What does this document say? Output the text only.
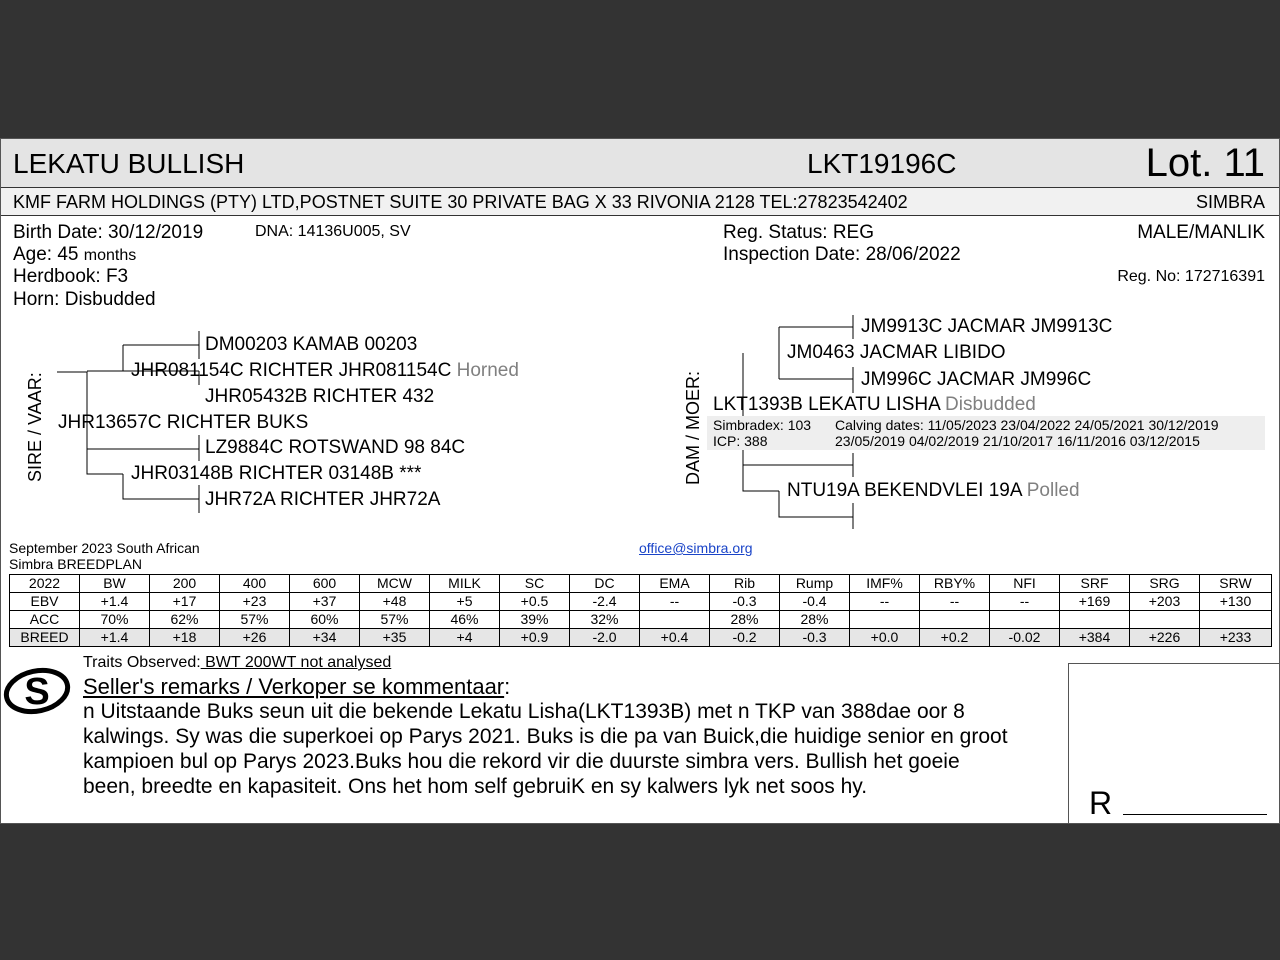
LEKATU BULLISH	LKT19196C	Lot. 11
KMF FARM HOLDINGS (PTY) LTD,POSTNET SUITE 30 PRIVATE BAG X 33 RIVONIA 2128 TEL:27823542402	SIMBRA
Birth Date: 30/12/2019	DNA: 14136U005, SV
Age: 45 months
Herdbook: F3
Horn: Disbudded
Reg. Status: REG
Inspection Date: 28/06/2022
MALE/MANLIK
Reg. No: 172716391
SIRE / VAAR:
DM00203 KAMAB 00203
JHR081154C RICHTER JHR081154C Horned
JHR05432B RICHTER 432
JHR13657C RICHTER BUKS
LZ9884C ROTSWAND 98 84C
JHR03148B RICHTER 03148B ***
JHR72A RICHTER JHR72A
DAM / MOER:
JM9913C JACMAR JM9913C
JM0463 JACMAR LIBIDO
JM996C JACMAR JM996C
LKT1393B LEKATU LISHA Disbudded
Simbradex: 103
ICP: 388
Calving dates: 11/05/2023 23/04/2022 24/05/2021 30/12/2019
23/05/2019 04/02/2019 21/10/2017 16/11/2016 03/12/2015
NTU19A BEKENDVLEI 19A Polled
September 2023 South African
Simbra BREEDPLAN
office@simbra.org
2022	BW	200	400	600	MCW	MILK	SC	DC	EMA	Rib	Rump	IMF%	RBY%	NFI	SRF	SRG	SRW
EBV	+1.4	+17	+23	+37	+48	+5	+0.5	-2.4	--	-0.3	-0.4	--	--	--	+169	+203	+130
ACC	70%	62%	57%	60%	57%	46%	39%	32%		28%	28%						
BREED	+1.4	+18	+26	+34	+35	+4	+0.9	-2.0	+0.4	-0.2	-0.3	+0.0	+0.2	-0.02	+384	+226	+233
S
Traits Observed: BWT 200WT not analysed
Seller's remarks / Verkoper se kommentaar:
n Uitstaande Buks seun uit die bekende Lekatu Lisha(LKT1393B) met n TKP van 388dae oor 8
kalwings. Sy was die superkoei op Parys 2021. Buks is die pa van Buick,die huidige senior en groot
kampioen bul op Parys 2023.Buks hou die rekord vir die duurste simbra vers. Bullish het goeie
been, breedte en kapasiteit. Ons het hom self gebruiK en sy kalwers lyk net soos hy.	R
